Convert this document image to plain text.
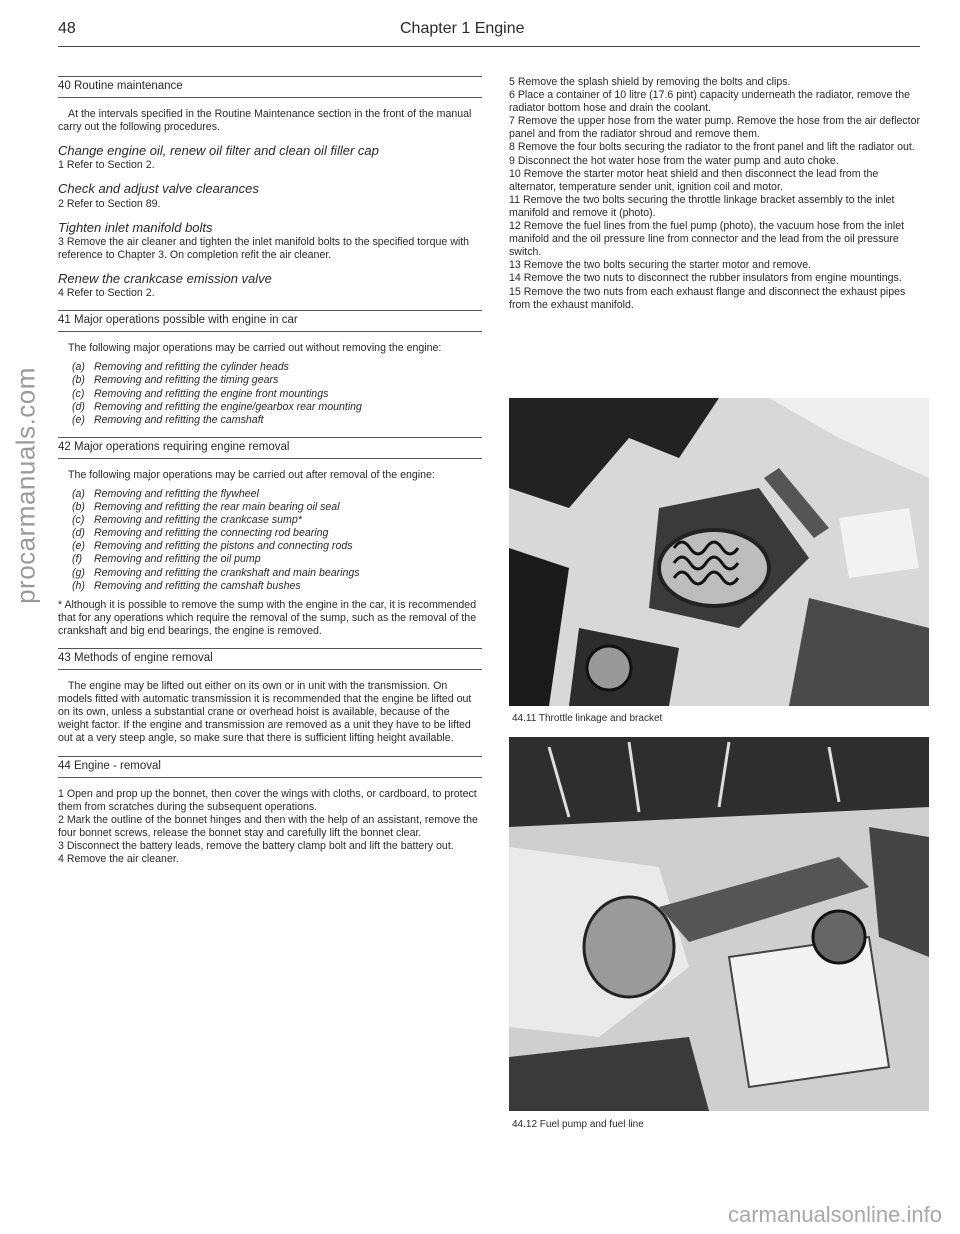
procarmanuals.com
48	Chapter 1 Engine
40 Routine maintenance

At the intervals specified in the Routine Maintenance section in the front of the manual carry out the following procedures.

Change engine oil, renew oil filter and clean oil filler cap

1 Refer to Section 2.

Check and adjust valve clearances

2 Refer to Section 89.

Tighten inlet manifold bolts

3 Remove the air cleaner and tighten the inlet manifold bolts to the specified torque with reference to Chapter 3. On completion refit the air cleaner.

Renew the crankcase emission valve

4 Refer to Section 2.

41 Major operations possible with engine in car

The following major operations may be carried out without removing the engine:

(a) Removing and refitting the cylinder heads
(b) Removing and refitting the timing gears
(c) Removing and refitting the engine front mountings
(d) Removing and refitting the engine/gearbox rear mounting
(e) Removing and refitting the camshaft
42 Major operations requiring engine removal

The following major operations may be carried out after removal of the engine:

(a) Removing and refitting the flywheel
(b) Removing and refitting the rear main bearing oil seal
(c) Removing and refitting the crankcase sump*
(d) Removing and refitting the connecting rod bearing
(e) Removing and refitting the pistons and connecting rods
(f) Removing and refitting the oil pump
(g) Removing and refitting the crankshaft and main bearings
(h) Removing and refitting the camshaft bushes

* Although it is possible to remove the sump with the engine in the car, it is recommended that for any operations which require the removal of the sump, such as the removal of the crankshaft and big end bearings, the engine is removed.

43 Methods of engine removal

The engine may be lifted out either on its own or in unit with the transmission. On models fitted with automatic transmission it is recommended that the engine be lifted out on its own, unless a substantial crane or overhead hoist is available, because of the weight factor. If the engine and transmission are removed as a unit they have to be lifted out at a very steep angle, so make sure that there is sufficient lifting height available.

44 Engine - removal

1 Open and prop up the bonnet, then cover the wings with cloths, or cardboard, to protect them from scratches during the subsequent operations.

2 Mark the outline of the bonnet hinges and then with the help of an assistant, remove the four bonnet screws, release the bonnet stay and carefully lift the bonnet clear.

3 Disconnect the battery leads, remove the battery clamp bolt and lift the battery out.

4 Remove the air cleaner.

5 Remove the splash shield by removing the bolts and clips.

6 Place a container of 10 litre (17.6 pint) capacity underneath the radiator, remove the radiator bottom hose and drain the coolant.

7 Remove the upper hose from the water pump. Remove the hose from the air deflector panel and from the radiator shroud and remove them.

8 Remove the four bolts securing the radiator to the front panel and lift the radiator out.

9 Disconnect the hot water hose from the water pump and auto choke.

10 Remove the starter motor heat shield and then disconnect the lead from the alternator, temperature sender unit, ignition coil and motor.

11 Remove the two bolts securing the throttle linkage bracket assembly to the inlet manifold and remove it (photo).

12 Remove the fuel lines from the fuel pump (photo), the vacuum hose from the inlet manifold and the oil pressure line from connector and the lead from the oil pressure switch.

13 Remove the two bolts securing the starter motor and remove.

14 Remove the two nuts to disconnect the rubber insulators from engine mountings.

15 Remove the two nuts from each exhaust flange and disconnect the exhaust pipes from the exhaust manifold.

44.11 Throttle linkage and bracket
44.12 Fuel pump and fuel line
carmanualsonline.info
